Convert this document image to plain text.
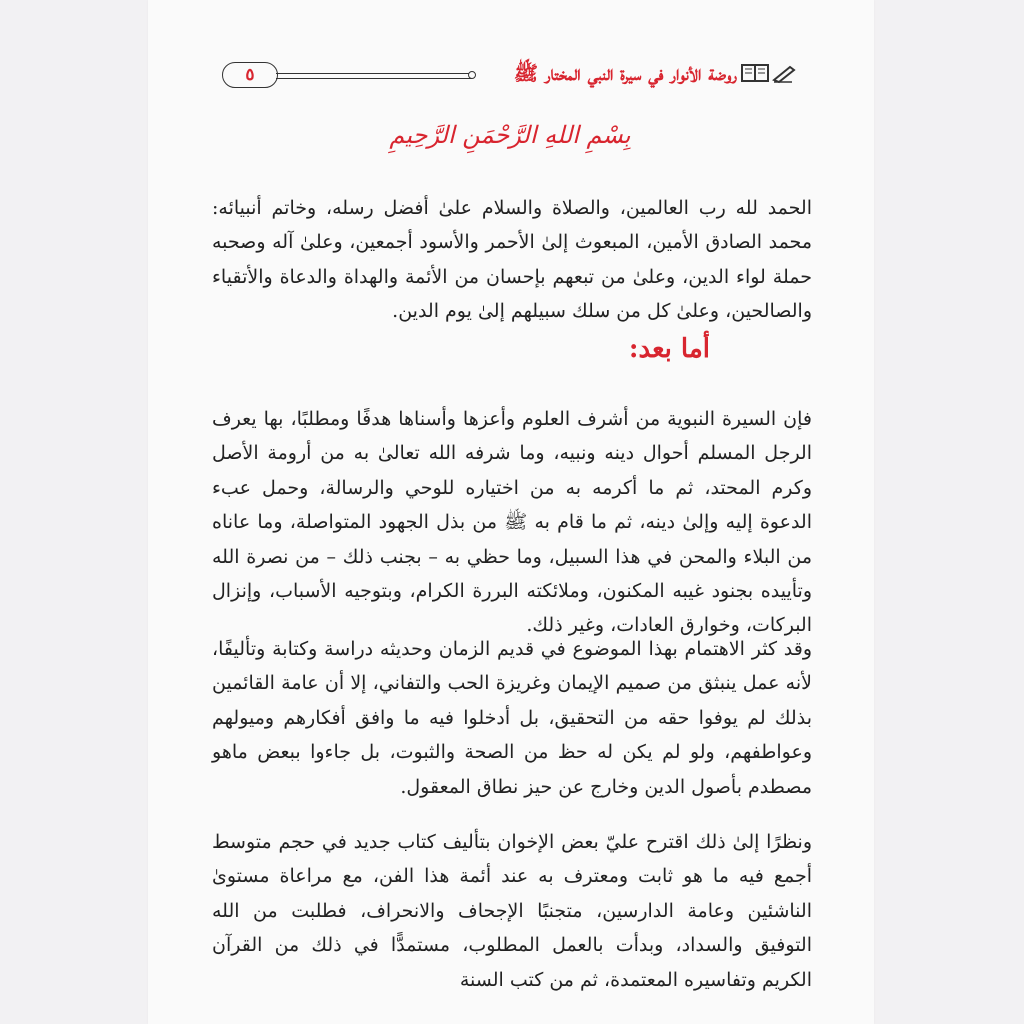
٥	روضة الأنوار في سيرة النبي المختار ﷺ
بِسْمِ اللهِ الرَّحْمَنِ الرَّحِيمِ

الحمد لله رب العالمين، والصلاة والسلام علىٰ أفضل رسله، وخاتم أنبيائه: محمد الصادق الأمين، المبعوث إلىٰ الأحمر والأسود أجمعين، وعلىٰ آله وصحبه حملة لواء الدين، وعلىٰ من تبعهم بإحسان من الأئمة والهداة والدعاة والأتقياء والصالحين، وعلىٰ كل من سلك سبيلهم إلىٰ يوم الدين.

أما بعد:

فإن السيرة النبوية من أشرف العلوم وأعزها وأسناها هدفًا ومطلبًا، بها يعرف الرجل المسلم أحوال دينه ونبيه، وما شرفه الله تعالىٰ به من أرومة الأصل وكرم المحتد، ثم ما أكرمه به من اختياره للوحي والرسالة، وحمل عبء الدعوة إليه وإلىٰ دينه، ثم ما قام به ﷺ من بذل الجهود المتواصلة، وما عاناه من البلاء والمحن في هذا السبيل، وما حظي به – بجنب ذلك – من نصرة الله وتأييده بجنود غيبه المكنون، وملائكته البررة الكرام، وبتوجيه الأسباب، وإنزال البركات، وخوارق العادات، وغير ذلك.

وقد كثر الاهتمام بهذا الموضوع في قديم الزمان وحديثه دراسة وكتابة وتأليفًا، لأنه عمل ينبثق من صميم الإيمان وغريزة الحب والتفاني، إلا أن عامة القائمين بذلك لم يوفوا حقه من التحقيق، بل أدخلوا فيه ما وافق أفكارهم وميولهم وعواطفهم، ولو لم يكن له حظ من الصحة والثبوت، بل جاءوا ببعض ماهو مصطدم بأصول الدين وخارج عن حيز نطاق المعقول.

ونظرًا إلىٰ ذلك اقترح عليّ بعض الإخوان بتأليف كتاب جديد في حجم متوسط أجمع فيه ما هو ثابت ومعترف به عند أئمة هذا الفن، مع مراعاة مستوىٰ الناشئين وعامة الدارسين، متجنبًا الإجحاف والانحراف، فطلبت من الله التوفيق والسداد، وبدأت بالعمل المطلوب، مستمدًّا في ذلك من القرآن الكريم وتفاسيره المعتمدة، ثم من كتب السنة
